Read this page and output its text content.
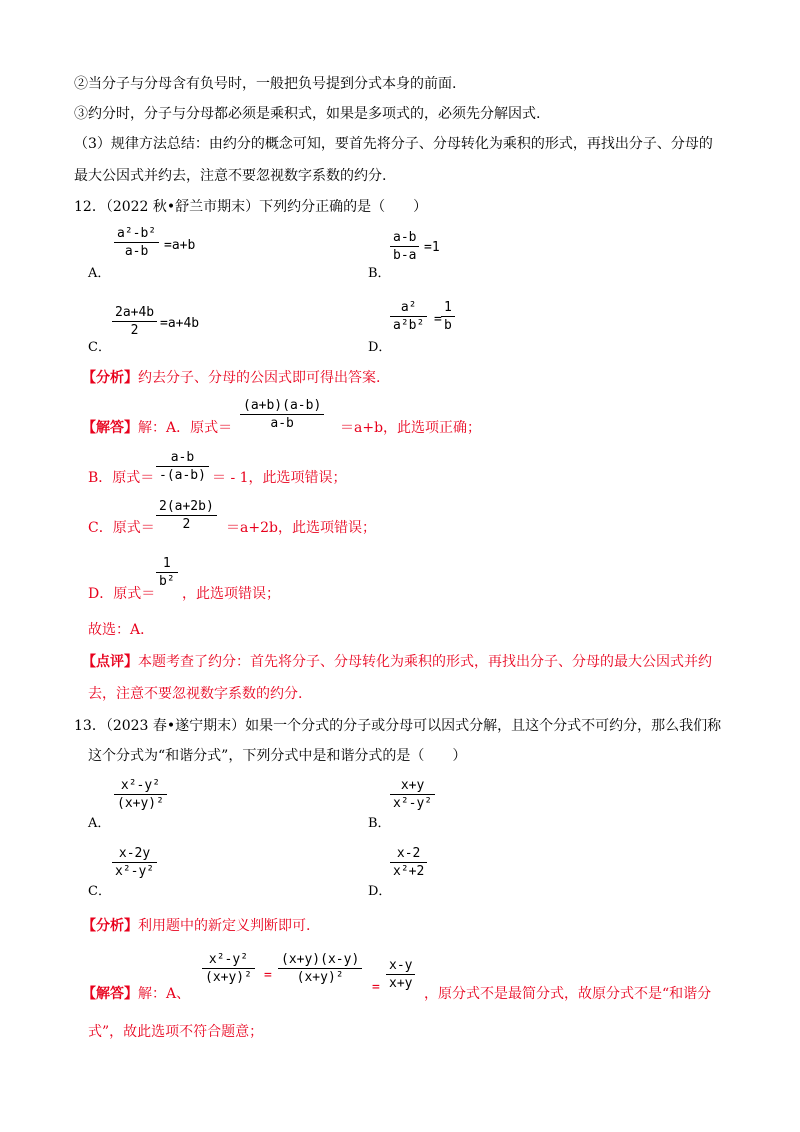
②当分子与分母含有负号时，一般把负号提到分式本身的前面.
③约分时，分子与分母都必须是乘积式，如果是多项式的，必须先分解因式.
（3）规律方法总结：由约分的概念可知，要首先将分子、分母转化为乘积的形式，再找出分子、分母的
最大公因式并约去，注意不要忽视数字系数的约分.
12．（2022 秋•舒兰市期末）下列约分正确的是（　　）
A．
a²-b²
a-b =a+b
B．
a-b
b-a
=1
C．
2a+4b
2 =a+4b
D．
a²
a²b² =
1
b
【分析】约去分子、分母的公因式即可得出答案.
【解答】解：A．原式＝
(a+b)(a-b)
a-b	＝a+b，此选项正确；
B．原式＝
a-b
-(a-b) ＝ - 1，此选项错误；
C．原式＝
2(a+2b)
2	＝a+2b，此选项错误；
D．原式＝
1
b²
，此选项错误；
故选：A．
【点评】本题考查了约分：首先将分子、分母转化为乘积的形式，再找出分子、分母的最大公因式并约
去，注意不要忽视数字系数的约分.
13．（2023 春•遂宁期末）如果一个分式的分子或分母可以因式分解，且这个分式不可约分，那么我们称
这个分式为“和谐分式”，下列分式中是和谐分式的是（　　）
A．
x²-y²
(x+y)²
B．
x+y
x²-y²
C．
x-2y
x²-y²
D．
x-2
x²+2
【分析】利用题中的新定义判断即可.
【解答】解：A、
x²-y²
(x+y)² =
(x+y)(x-y)
(x+y)²
=
x-y
x+y
，原分式不是最简分式，故原分式不是“和谐分
式”，故此选项不符合题意；
